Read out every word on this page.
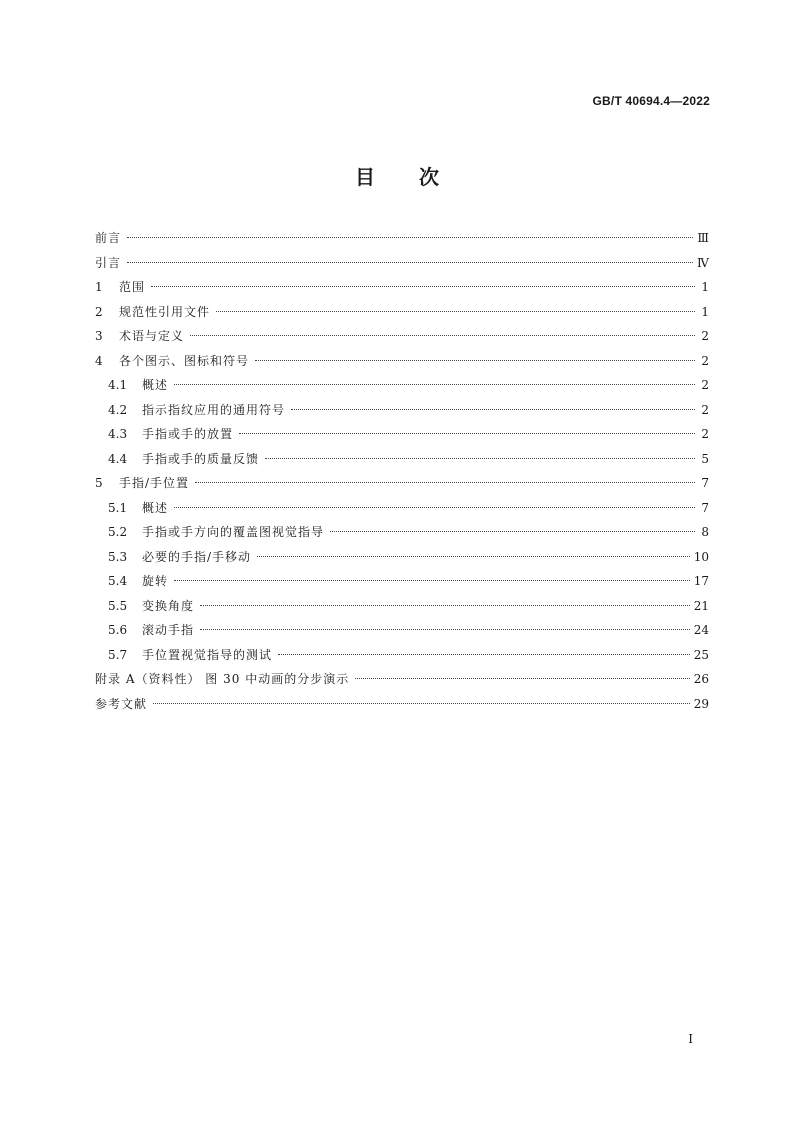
GB/T 40694.4—2022
目 次
前言	Ⅲ
引言	Ⅳ
1	范围	1
2	规范性引用文件	1
3	术语与定义	2
4	各个图示、图标和符号	2
4.1	概述	2
4.2	指示指纹应用的通用符号	2
4.3	手指或手的放置	2
4.4	手指或手的质量反馈	5
5	手指/手位置	7
5.1	概述	7
5.2	手指或手方向的覆盖图视觉指导	8
5.3	必要的手指/手移动	10
5.4	旋转	17
5.5	变换角度	21
5.6	滚动手指	24
5.7	手位置视觉指导的测试	25
附录 A（资料性） 图 30 中动画的分步演示	26
参考文献	29
I
